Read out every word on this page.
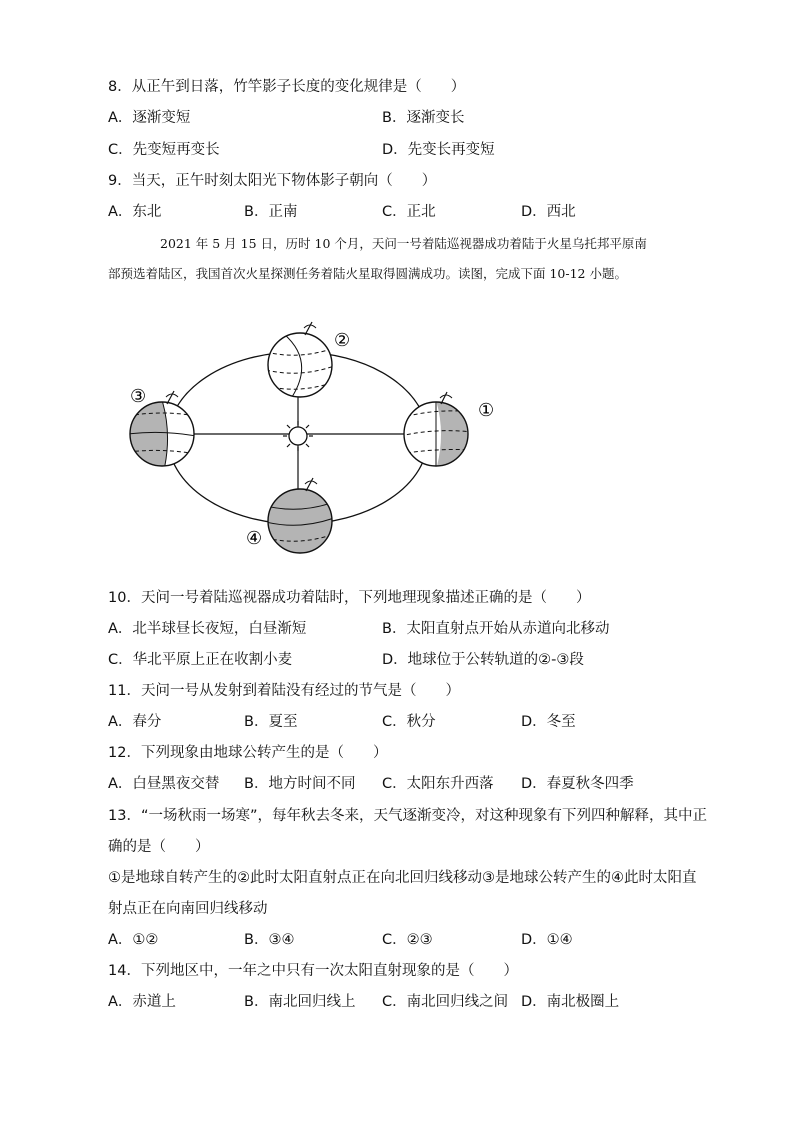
8．从正午到日落，竹竿影子长度的变化规律是（　　）
A．逐渐变短	B．逐渐变长
C．先变短再变长	D．先变长再变短
9．当天，正午时刻太阳光下物体影子朝向（　　）
A．东北	B．正南	C．正北	D．西北
2021 年 5 月 15 日，历时 10 个月，天问一号着陆巡视器成功着陆于火星乌托邦平原南
部预选着陆区，我国首次火星探测任务着陆火星取得圆满成功。读图，完成下面 10-12 小题。
①
②
③
④
10．天问一号着陆巡视器成功着陆时，下列地理现象描述正确的是（　　）
A．北半球昼长夜短，白昼渐短	B．太阳直射点开始从赤道向北移动
C．华北平原上正在收割小麦	D．地球位于公转轨道的②-③段
11．天问一号从发射到着陆没有经过的节气是（　　）
A．春分	B．夏至	C．秋分	D．冬至
12．下列现象由地球公转产生的是（　　）
A．白昼黑夜交替 B．地方时间不同 C．太阳东升西落 D．春夏秋冬四季
13．“一场秋雨一场寒”，每年秋去冬来，天气逐渐变冷，对这种现象有下列四种解释，其中正
确的是（　　）
①是地球自转产生的②此时太阳直射点正在向北回归线移动③是地球公转产生的④此时太阳直
射点正在向南回归线移动
A．①②	B．③④	C．②③	D．①④
14．下列地区中，一年之中只有一次太阳直射现象的是（　　）
A．赤道上	B．南北回归线上 C．南北回归线之间 D．南北极圈上
